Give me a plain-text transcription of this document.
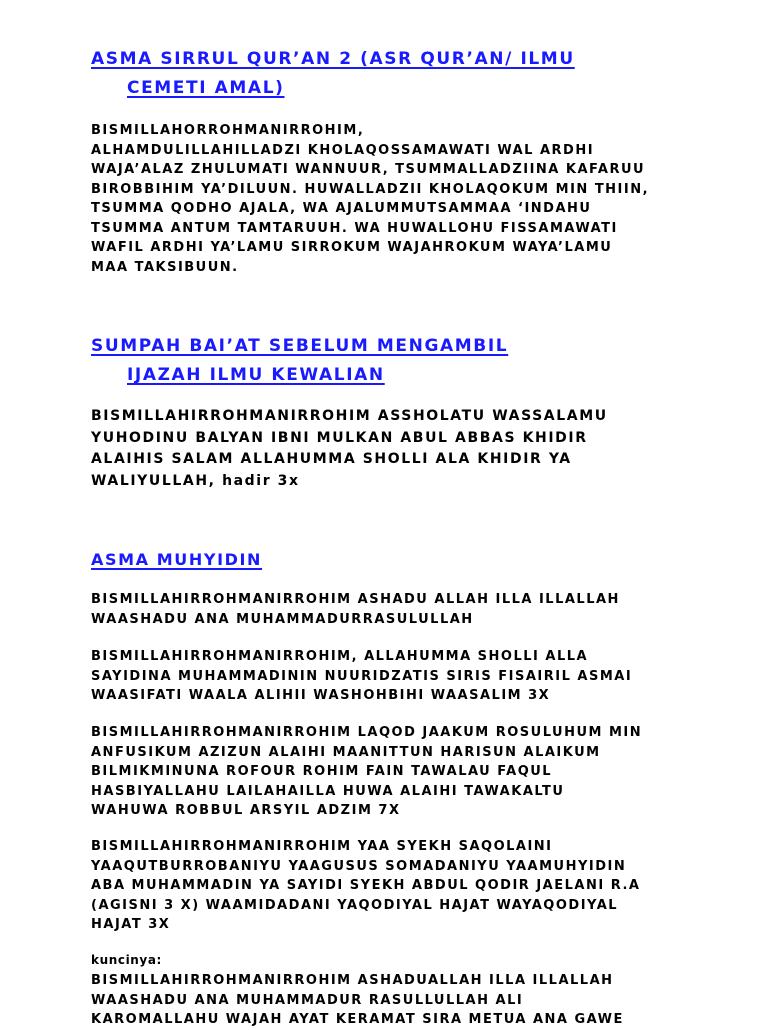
ASMA SIRRUL QUR’AN 2 (ASR QUR’AN/ ILMU
CEMETI AMAL)
BISMILLAHORROHMANIRROHIM,
ALHAMDULILLAHILLADZI KHOLAQOSSAMAWATI WAL ARDHI
WAJA’ALAZ ZHULUMATI WANNUUR, TSUMMALLADZIINA KAFARUU
BIROBBIHIM YA’DILUUN. HUWALLADZII KHOLAQOKUM MIN THIIN,
TSUMMA QODHO AJALA, WA AJALUMMUTSAMMAA ‘INDAHU
TSUMMA ANTUM TAMTARUUH. WA HUWALLOHU FISSAMAWATI
WAFIL ARDHI YA’LAMU SIRROKUM WAJAHROKUM WAYA’LAMU
MAA TAKSIBUUN.
SUMPAH BAI’AT SEBELUM MENGAMBIL
IJAZAH ILMU KEWALIAN
BISMILLAHIRROHMANIRROHIM ASSHOLATU WASSALAMU
YUHODINU BALYAN IBNI MULKAN ABUL ABBAS KHIDIR
ALAIHIS SALAM ALLAHUMMA SHOLLI ALA KHIDIR YA
WALIYULLAH, hadir 3x
ASMA MUHYIDIN
BISMILLAHIRROHMANIRROHIM ASHADU ALLAH ILLA ILLALLAH
WAASHADU ANA MUHAMMADURRASULULLAH
BISMILLAHIRROHMANIRROHIM, ALLAHUMMA SHOLLI ALLA
SAYIDINA MUHAMMADININ NUURIDZATIS SIRIS FISAIRIL ASMAI
WAASIFATI WAALA ALIHII WASHOHBIHI WAASALIM 3X
BISMILLAHIRROHMANIRROHIM LAQOD JAAKUM ROSULUHUM MIN
ANFUSIKUM AZIZUN ALAIHI MAANITTUN HARISUN ALAIKUM
BILMIKMINUNA ROFOUR ROHIM FAIN TAWALAU FAQUL
HASBIYALLAHU LAILAHAILLA HUWA ALAIHI TAWAKALTU
WAHUWA ROBBUL ARSYIL ADZIM 7X
BISMILLAHIRROHMANIRROHIM YAA SYEKH SAQOLAINI
YAAQUTBURROBANIYU YAAGUSUS SOMADANIYU YAAMUHYIDIN
ABA MUHAMMADIN YA SAYIDI SYEKH ABDUL QODIR JAELANI R.A
(AGISNI 3 X) WAAMIDADANI YAQODIYAL HAJAT WAYAQODIYAL
HAJAT 3X
kuncinya:
BISMILLAHIRROHMANIRROHIM ASHADUALLAH ILLA ILLALLAH
WAASHADU ANA MUHAMMADUR RASULLULLAH ALI
KAROMALLAHU WAJAH AYAT KERAMAT SIRA METUA ANA GAWE
